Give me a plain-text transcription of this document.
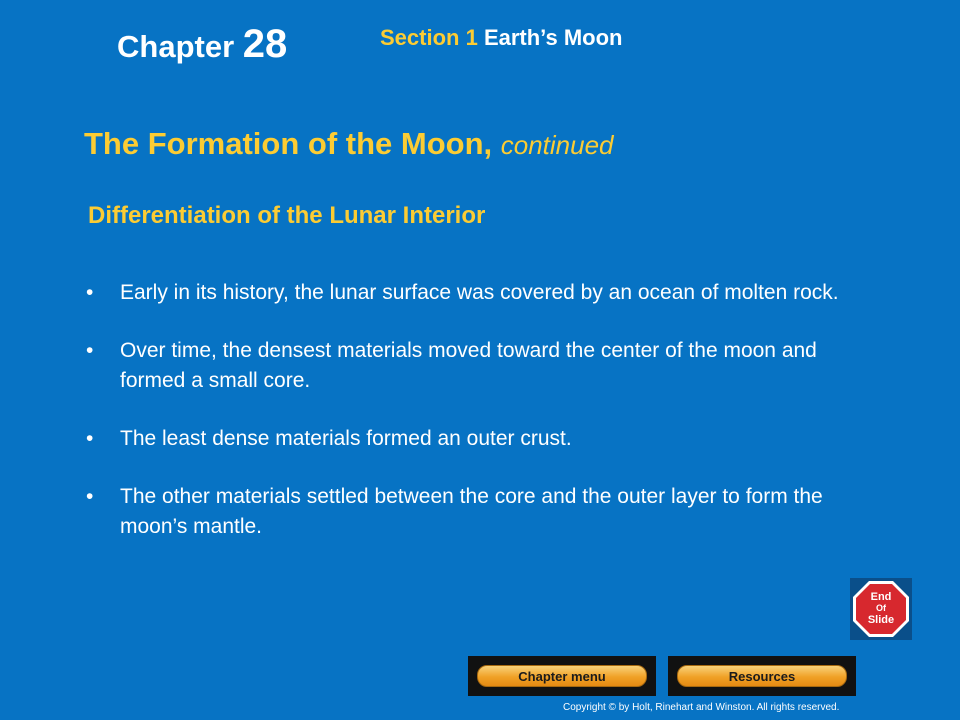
Chapter 28	Section 1 Earth’s Moon
The Formation of the Moon, continued
Differentiation of the Lunar Interior
• Early in its history, the lunar surface was covered by an ocean of molten rock.
• Over time, the densest materials moved toward the center of the moon and formed a small core.
• The least dense materials formed an outer crust.
• The other materials settled between the core and the outer layer to form the moon’s mantle.
End
Of
Slide
Chapter menu	Resources
Copyright © by Holt, Rinehart and Winston. All rights reserved.
